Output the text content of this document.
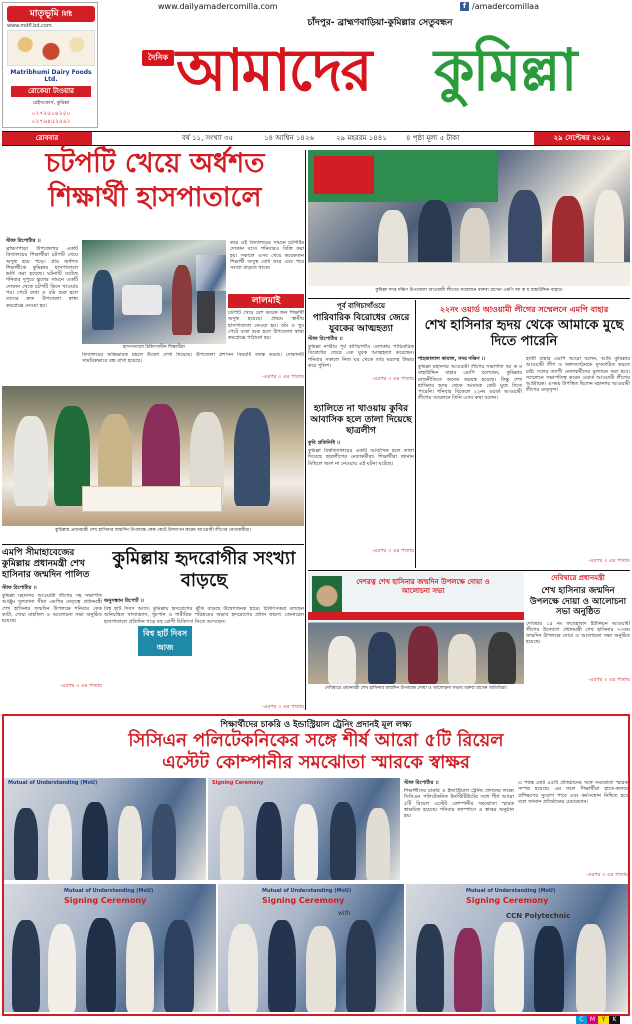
www.dailyamadercomilla.com	f /amadercomillaa
মাতৃভূমি মিষ্টি
www.mdfl.bd.com
Matribhumi Dairy Foods Ltd.
রোকেয়া টাওয়ার
রেইসকোর্স, কুমিল্লা
০১৭২৫০৪২৫০
০১৭৬৪৫২৫৬১
চাঁদপুর- ব্রাহ্মণবাড়িয়া-কুমিল্লার সেতুবন্ধন
দৈনিক আমাদের কুমিল্লা
রোববার	বর্ষ ১১, সংখ্যা ৩৫	১৪ আশ্বিন ১৪২৬	২৯ মহররম ১৪৪১	৪ পৃষ্ঠা মূল্য ৫ টাকা	২৯ সেপ্টেম্বর ২০১৯
চটপটি খেয়ে অর্ধশত
শিক্ষার্থী হাসপাতালে
স্টাফ রিপোর্টার ।।
ব্রাহ্মণপাড়া উপজেলার একটি বিদ্যালয়ের শিক্ষার্থীরা চটপটি খেয়ে অসুস্থ হয়ে পড়ে। প্রায় অর্ধশত শিক্ষার্থীকে কুমিল্লার হাসপাতালে ভর্তি করা হয়েছে। ঘটনাটি ঘটেছে শনিবার দুপুরে স্কুলের সামনে একটি দোকান থেকে চটপটি কিনে খাওয়ার পর। পেটে ব্যথা ও বমি শুরু হলে তাদের দ্রুত উপজেলা স্বাস্থ্য কমপ্লেক্সে নেওয়া হয়।
হাসপাতালে চিকিৎসাধীন শিক্ষার্থীরা
করে ওই বিদ্যালয়ের সামনে চটপটির দোকান বসে। শনিবারও বিক্রি করা হয়। সকালে এসব খেয়ে কয়েকজন শিক্ষার্থী অসুস্থ বোধ করে এবং পরে সংখ্যা বাড়তে থাকে।
লালমাই
চটপটি খেয়ে বেশ কয়েক জন শিক্ষার্থী অসুস্থ হয়েছে। প্রথমে স্থানীয় হাসপাতালে নেওয়া হয়। বমি ও খুব পেটে ব্যথা শুরু হলে উপজেলা স্বাস্থ্য কমপ্লেক্সে পাঠানো হয়।
বিদ্যালয়ের অভিভাবক মহলে উদ্বেগ দেখা দিয়েছে। উপজেলা প্রশাসন বিষয়টি তদন্ত করছে। দোকানটি সাময়িকভাবে বন্ধ রাখা হয়েছে।
-এরপর ৩ এর পাতায়
কুমিল্লায় প্রধানমন্ত্রী শেখ হাসিনার জন্মদিন উপলক্ষে কেক কেটে উদযাপন করেন আওয়ামী লীগের নেতাকর্মীরা।
এমপি সীমাহাবেজের কুমিল্লায় প্রধানমন্ত্রী শেখ হাসিনার জন্মদিন পালিত
স্টাফ রিপোর্টার ।।
কুমিল্লা মহানগর আওয়ামী লীগের সহ সভাপতি আঞ্জুম সুলতানা সীমা এমপির নেতৃত্বে প্রধানমন্ত্রী শেখ হাসিনার জন্মদিন উপলক্ষে শনিবার কেক কাটা, দোয়া মাহফিল ও আলোচনা সভা অনুষ্ঠিত হয়েছে।
-এরপর ৩ এর পাতায়
কুমিল্লায় হৃদরোগীর সংখ্যা বাড়ছে
অনুসন্ধান রিপোর্ট ।।
বিশ্ব হার্ট দিবস আজ। কুমিল্লায় হৃদরোগের ঝুঁকি বাড়ছে উদ্বেগজনক হারে। চিকিৎসকরা বলছেন অনিয়ন্ত্রিত খাদ্যাভ্যাস, ধূমপান ও শারীরিক পরিশ্রমের অভাব হৃদরোগের প্রধান কারণ। জেনারেল হাসপাতালে প্রতিদিন গড়ে বহু রোগী চিকিৎসা নিতে আসছেন।
বিশ্ব হার্ট দিবস আজ
-এরপর ৩ এর পাতায়
কুমিল্লা সদর দক্ষিণ উপজেলা আওয়ামী লীগের সম্মেলনে বক্তব্য রাখেন এমপি আ ক ম বাহাউদ্দিন বাহার।
পূর্ব বাগিচাগাঁওয়ে
পারিবারিক বিরোধের জেরে যুবকের আত্মহত্যা
স্টাফ রিপোর্টার ।।
কুমিল্লা নগরীর পূর্ব বাগিচাগাঁও এলাকায় পারিবারিক বিরোধের জেরে এক যুবক আত্মহত্যা করেছেন। শনিবার সকালে নিজ ঘর থেকে তার মরদেহ উদ্ধার করে পুলিশ।
-এরপর ৩ এর পাতায়
হ্যালিতে না থাওয়ায় কুবির আবাসিক হলে তালা দিয়েছে ছাত্রলীগ
কুবি প্রতিনিধি ।।
কুমিল্লা বিশ্ববিদ্যালয়ের একটি আবাসিক হলে তালা দিয়েছে ছাত্রলীগের নেতাকর্মীরা। শিক্ষার্থীরা জানান মিছিলে অংশ না নেওয়ায় এই ঘটনা ঘটেছে।
-এরপর ৩ এর পাতায়
২২নং ওয়ার্ড আওয়ামী লীগের সম্মেলনে এমপি বাহার
শেখ হাসিনার হৃদয় থেকে আমাকে মুছে দিতে পারেনি
শাহজালাল কামাল, সদর দক্ষিণ ।।
কুমিল্লা মহানগর আওয়ামী লীগের সভাপতি আ ক ম বাহাউদ্দিন বাহার এমপি বলেছেন, কুমিল্লার রাজনীতিতে অনেক ষড়যন্ত্র হয়েছে। কিন্তু শেখ হাসিনার হৃদয় থেকে আমাকে কেউ মুছে দিতে পারেনি। শনিবার বিকেলে ২২নং ওয়ার্ড আওয়ামী লীগের সম্মেলনে তিনি এসব কথা বলেন।
হাজী বাহার এমপি আরো বলেন, আমি কুমিল্লার আওয়ামী লীগ ও অঙ্গসংগঠনকে সুসংগঠিত করতে চাই। দলের ত্যাগী নেতাকর্মীদের মূল্যায়ন করা হবে। সম্মেলনে সভাপতিত্ব করেন ওয়ার্ড আওয়ামী লীগের আহ্বায়ক। এসময় উপস্থিত ছিলেন মহানগর আওয়ামী লীগের নেতৃবৃন্দ।
-এরপর ৩ এর পাতায়
দেশরত্ন শেখ হাসিনার জন্মদিন উপলক্ষে দোয়া ও আলোচনা সভা
দেবিদ্বারে প্রধানমন্ত্রী শেখ হাসিনার জন্মদিন উপলক্ষে দোয়া ও আলোচনা সভায় বক্তব্য রাখেন অতিথিরা।
দেবিদ্বারে প্রধানমন্ত্রী
শেখ হাসিনার জন্মদিন উপলক্ষে দোয়া ও আলোচনা সভা অনুষ্ঠিত
দেবিদ্বার ১৫ নং ফতেহাবাদ ইউনিয়ন আওয়ামী লীগের উদ্যোগে প্রধানমন্ত্রী শেখ হাসিনার ৭৩তম জন্মদিন উপলক্ষে দোয়া ও আলোচনা সভা অনুষ্ঠিত হয়েছে।
-এরপর ৩ এর পাতায়
শিক্ষার্থীদের চাকরি ও ইন্ডাস্ট্রিয়াল ট্রেনিং প্রদানই মূল লক্ষ্য
সিসিএন পলিটেকনিকের সঙ্গে শীর্ষ আরো ৫টি রিয়েল
এস্টেট কোম্পানীর সমঝোতা স্মারকে স্বাক্ষর
Mutual of Understanding (MoU)	Signing Ceremony	স্টাফ রিপোর্টার ।।
শিক্ষার্থীদের চাকরি ও ইন্ডাস্ট্রিয়াল ট্রেনিং প্রদানের লক্ষ্যে সিসিএন পলিটেকনিক ইনস্টিটিউটের সঙ্গে শীর্ষ আরো ৫টি রিয়েল এস্টেট কোম্পানীর সমঝোতা স্মারক স্বাক্ষরিত হয়েছে। শনিবার ক্যাম্পাসে এ স্বাক্ষর অনুষ্ঠান হয়।
এ পর্যন্ত মোট ৫৫টি প্রতিষ্ঠানের সঙ্গে সমঝোতা স্মারক সম্পন্ন হয়েছে। এর ফলে শিক্ষার্থীরা হাতে-কলমে প্রশিক্ষণের সুযোগ পাবে এবং কর্মসংস্থান নিশ্চিত হবে বলে জানান প্রতিষ্ঠানের চেয়ারম্যান।
-এরপর ৩ এর পাতায়
Mutual of Understanding (MoU)
Signing Ceremony
Mutual of Understanding (MoU)
Signing Ceremony
with
Mutual of Understanding (MoU)
Signing Ceremony
CCN Polytechnic
C M Y K
